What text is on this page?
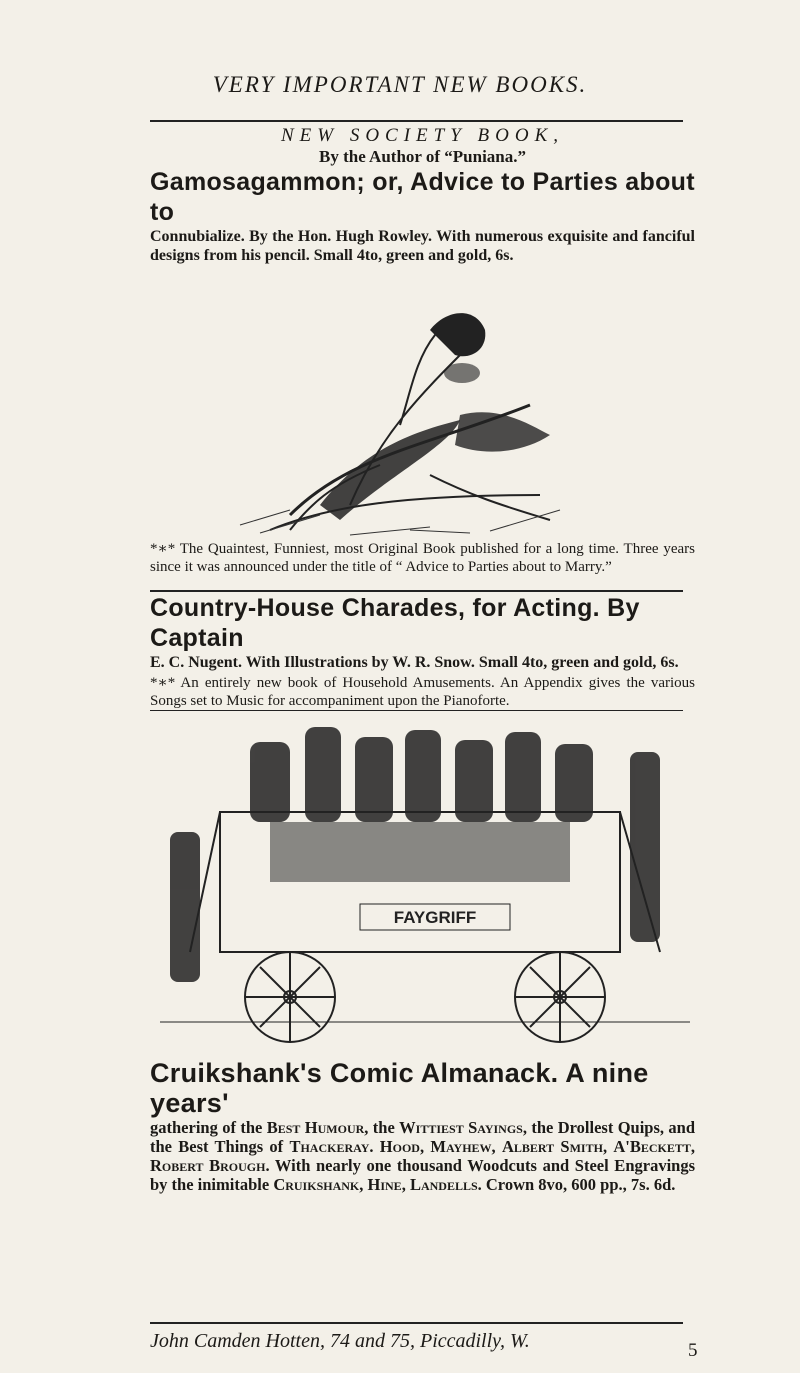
VERY IMPORTANT NEW BOOKS.
NEW SOCIETY BOOK,
By the Author of “Puniana.”
Gamosagammon; or, Advice to Parties about to
Connubialize. By the Hon. Hugh Rowley. With numerous exquisite and fanciful designs from his pencil. Small 4to, green and gold, 6s.
*∗* The Quaintest, Funniest, most Original Book published for a long time. Three years since it was announced under the title of “ Advice to Parties about to Marry.”
Country-House Charades, for Acting. By Captain
E. C. Nugent. With Illustrations by W. R. Snow. Small 4to, green and gold, 6s.
*∗* An entirely new book of Household Amusements. An Appendix gives the various Songs set to Music for accompaniment upon the Pianoforte.
FAYGRIFF
Cruikshank's Comic Almanack. A nine years'
gathering of the Best Humour, the Wittiest Sayings, the Drollest Quips, and the Best Things of Thackeray. Hood, Mayhew, Albert Smith, A'Beckett, Robert Brough. With nearly one thousand Woodcuts and Steel Engravings by the inimitable Cruikshank, Hine, Landells. Crown 8vo, 600 pp., 7s. 6d.
John Camden Hotten, 74 and 75, Piccadilly, W.	5
